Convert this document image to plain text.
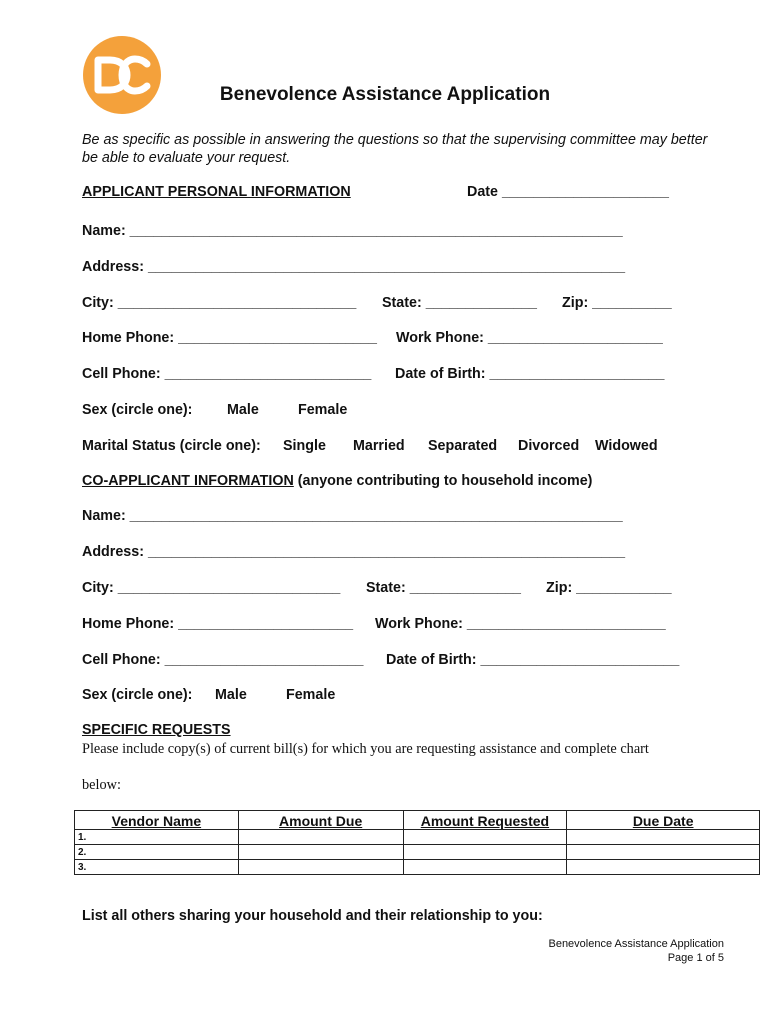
Benevolence Assistance Application
Be as specific as possible in answering the questions so that the supervising committee may better be able to evaluate your request.
APPLICANT PERSONAL INFORMATION	Date _____________________
Name: ______________________________________________________________
Address: ____________________________________________________________
City: ______________________________ State: ______________ Zip: __________
Home Phone: _________________________ Work Phone: ______________________
Cell Phone: __________________________ Date of Birth: ______________________
Sex (circle one): Male	Female
Marital Status (circle one): Single Married Separated Divorced Widowed
CO-APPLICANT INFORMATION (anyone contributing to household income)
Name: ______________________________________________________________
Address: ____________________________________________________________
City: ____________________________ State: ______________ Zip: ____________
Home Phone: ______________________ Work Phone: _________________________
Cell Phone: _________________________ Date of Birth: _________________________
Sex (circle one): Male	Female
SPECIFIC REQUESTS
Please include copy(s) of current bill(s) for which you are requesting assistance and complete chart
below:
Vendor Name	Amount Due	Amount Requested	Due Date
1.			
2.			
3.			
List all others sharing your household and their relationship to you:
Benevolence Assistance Application
Page 1 of 5
